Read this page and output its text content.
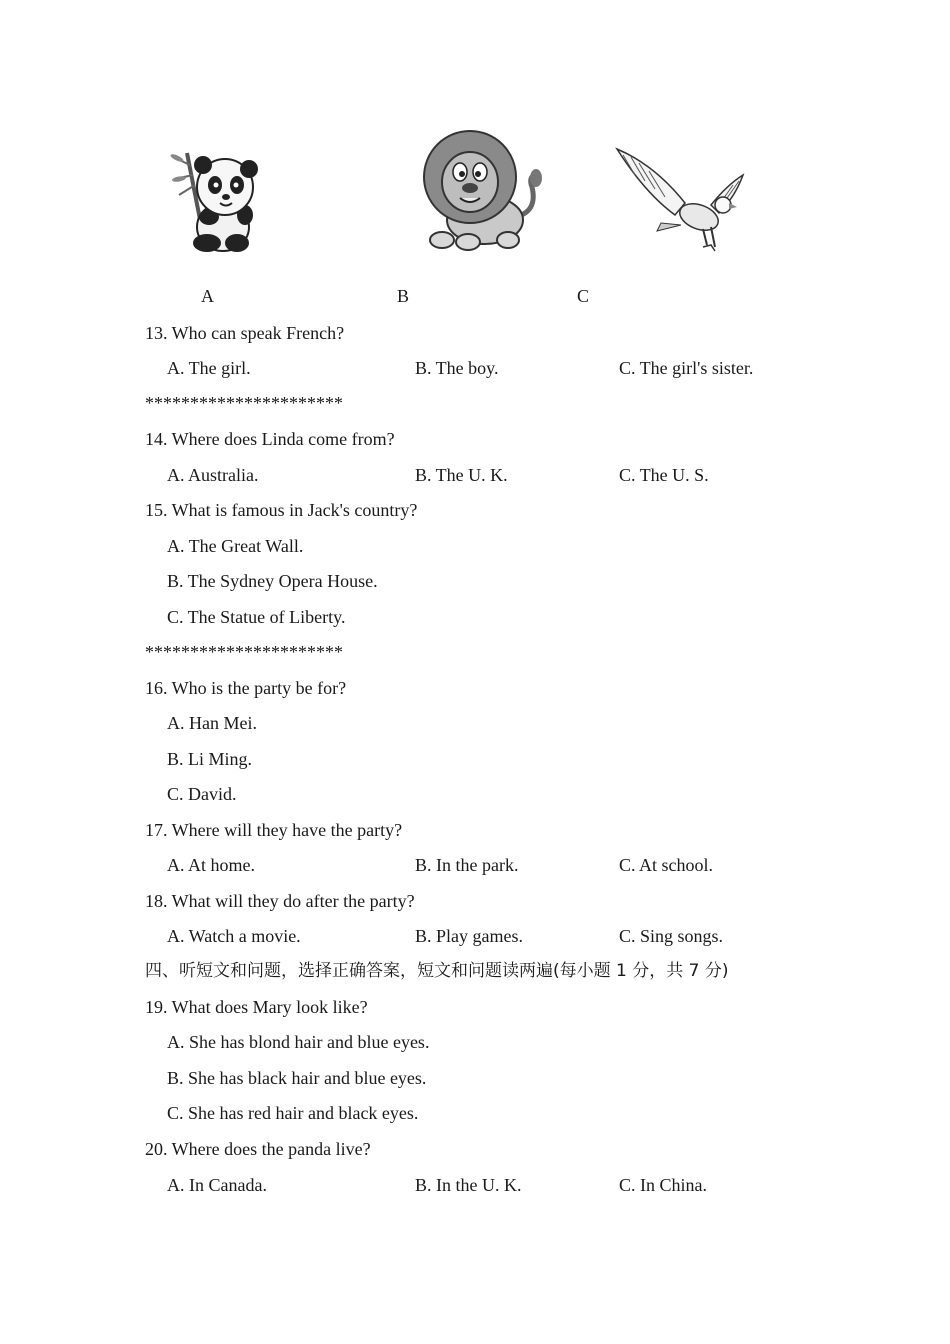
A	B	C
13. Who can speak French?
A. The girl.	B. The boy.	C. The girl's sister.
**********************
14. Where does Linda come from?
A. Australia.	B. The U. K.	C. The U. S.
15. What is famous in Jack's country?
A. The Great Wall.
B. The Sydney Opera House.
C. The Statue of Liberty.
**********************
16. Who is the party be for?
A. Han Mei.
B. Li Ming.
C. David.
17. Where will they have the party?
A. At home.	B. In the park.	C. At school.
18. What will they do after the party?
A. Watch a movie.	B. Play games.	C. Sing songs.
四、听短文和问题，选择正确答案，短文和问题读两遍(每小题 1 分，共 7 分)
19. What does Mary look like?
A. She has blond hair and blue eyes.
B. She has black hair and blue eyes.
C. She has red hair and black eyes.
20. Where does the panda live?
A. In Canada.	B. In the U. K.	C. In China.
